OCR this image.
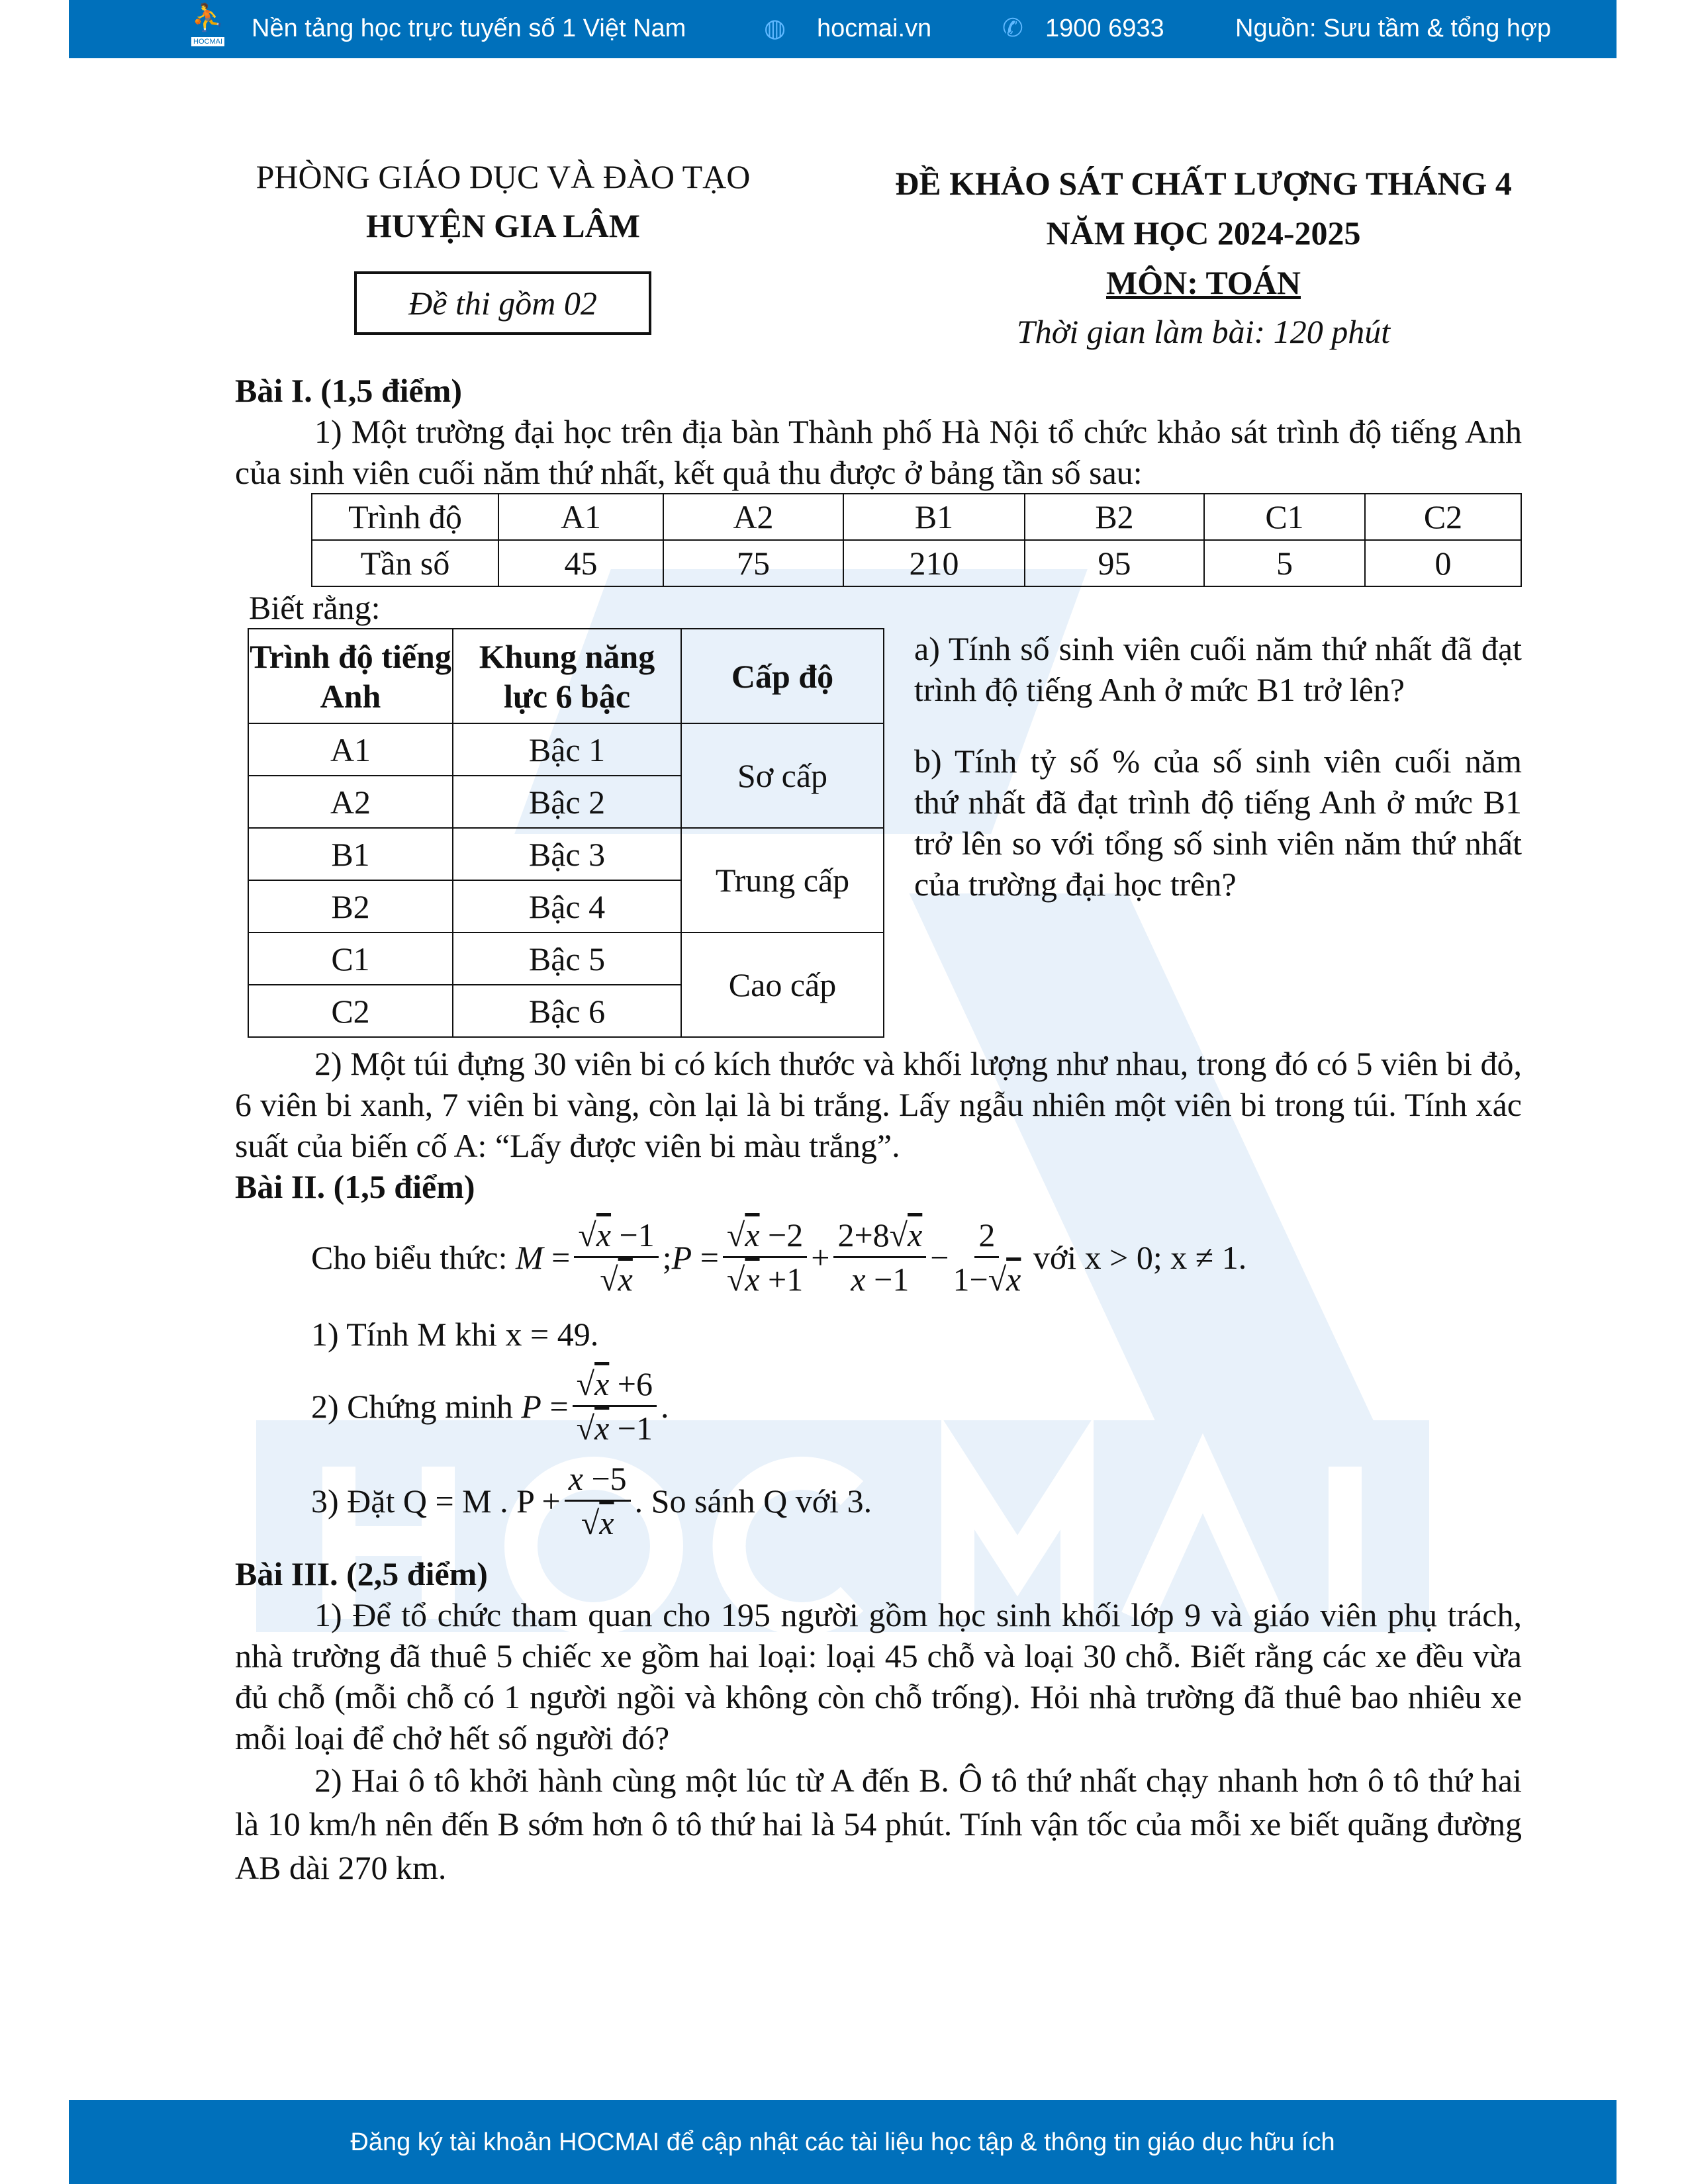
⛹
HOCMAI Nền tảng học trực tuyến số 1 Việt Nam	◍ hocmai.vn	✆ 1900 6933	Nguồn: Sưu tầm & tổng hợp
PHÒNG GIÁO DỤC VÀ ĐÀO TẠO
HUYỆN GIA LÂM
Đề thi gồm 02
ĐỀ KHẢO SÁT CHẤT LƯỢNG THÁNG 4
NĂM HỌC 2024-2025
MÔN: TOÁN
Thời gian làm bài: 120 phút
Bài I. (1,5 điểm)
1) Một trường đại học trên địa bàn Thành phố Hà Nội tổ chức khảo sát trình độ tiếng Anh của sinh viên cuối năm thứ nhất, kết quả thu được ở bảng tần số sau:
Trình độ	A1	A2	B1	B2	C1	C2
Tần số	45	75	210	95	5	0
Biết rằng:
Trình độ tiếng Anh	Khung năng lực 6 bậc	Cấp độ
A1	Bậc 1	Sơ cấp
A2	Bậc 2	
B1	Bậc 3	Trung cấp
B2	Bậc 4	
C1	Bậc 5	Cao cấp
C2	Bậc 6	
a) Tính số sinh viên cuối năm thứ nhất đã đạt trình độ tiếng Anh ở mức B1 trở lên?
b) Tính tỷ số % của số sinh viên cuối năm thứ nhất đã đạt trình độ tiếng Anh ở mức B1 trở lên so với tổng số sinh viên năm thứ nhất của trường đại học trên?
2) Một túi đựng 30 viên bi có kích thước và khối lượng như nhau, trong đó có 5 viên bi đỏ, 6 viên bi xanh, 7 viên bi vàng, còn lại là bi trắng. Lấy ngẫu nhiên một viên bi trong túi. Tính xác suất của biến cố A: “Lấy được viên bi màu trắng”.
Bài II. (1,5 điểm)
Cho biểu thức:
$M = \frac{√x -1}{√x}$ ; $P = \frac{√x -2}{√x +1} + \frac{2+8√x}{x -1} - \frac{2}{1-√x}$
với x > 0; x ≠ 1.
1) Tính M khi x = 49.
2) Chứng minh
$P = \frac{√x +6}{√x -1}$ .
3) Đặt Q = M . $P + \frac{x -5}{√x}$ . So sánh Q với 3.
Bài III. (2,5 điểm)
1) Để tổ chức tham quan cho 195 người gồm học sinh khối lớp 9 và giáo viên phụ trách, nhà trường đã thuê 5 chiếc xe gồm hai loại: loại 45 chỗ và loại 30 chỗ. Biết rằng các xe đều vừa đủ chỗ (mỗi chỗ có 1 người ngồi và không còn chỗ trống). Hỏi nhà trường đã thuê bao nhiêu xe mỗi loại để chở hết số người đó?
2) Hai ô tô khởi hành cùng một lúc từ A đến B. Ô tô thứ nhất chạy nhanh hơn ô tô thứ hai là 10 km/h nên đến B sớm hơn ô tô thứ hai là 54 phút. Tính vận tốc của mỗi xe biết quãng đường AB dài 270 km.
Đăng ký tài khoản HOCMAI để cập nhật các tài liệu học tập & thông tin giáo dục hữu ích
